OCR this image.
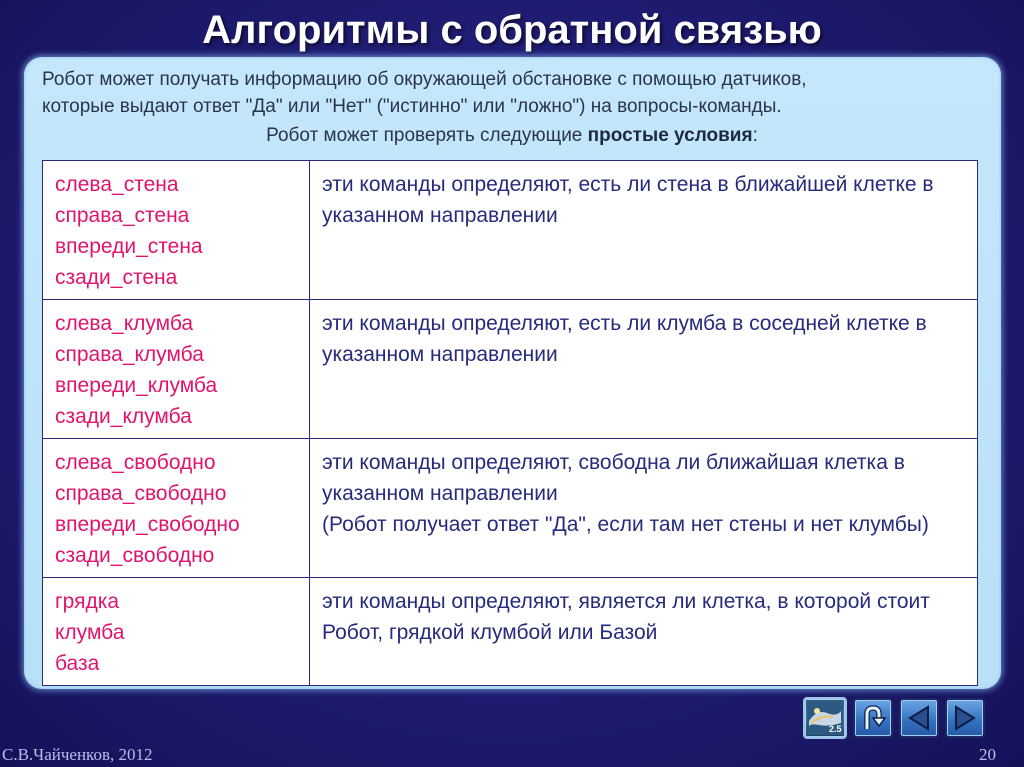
Алгоритмы с обратной связью

Робот может получать информацию об окружающей обстановке с помощью датчиков,

которые выдают ответ "Да" или "Нет" ("истинно" или "ложно") на вопросы-команды.

Робот может проверять следующие простые условия:

слева_стена
справа_стена
впереди_стена
сзади_стена	эти команды определяют, есть ли стена в ближайшей клетке в указанном направлении

слева_клумба
справа_клумба
впереди_клумба
сзади_клумба	эти команды определяют, есть ли клумба в соседней клетке в указанном направлении

слева_свободно
справа_свободно
впереди_свободно
сзади_свободно	эти команды определяют, свободна ли ближайшая клетка в указанном направлении
(Робот получает ответ "Да", если там нет стены и нет клумбы)

грядка
клумба
база	эти команды определяют, является ли клетка, в которой стоит Робот, грядкой клумбой или Базой
2.5
С.В.Чайченков, 2012	20
